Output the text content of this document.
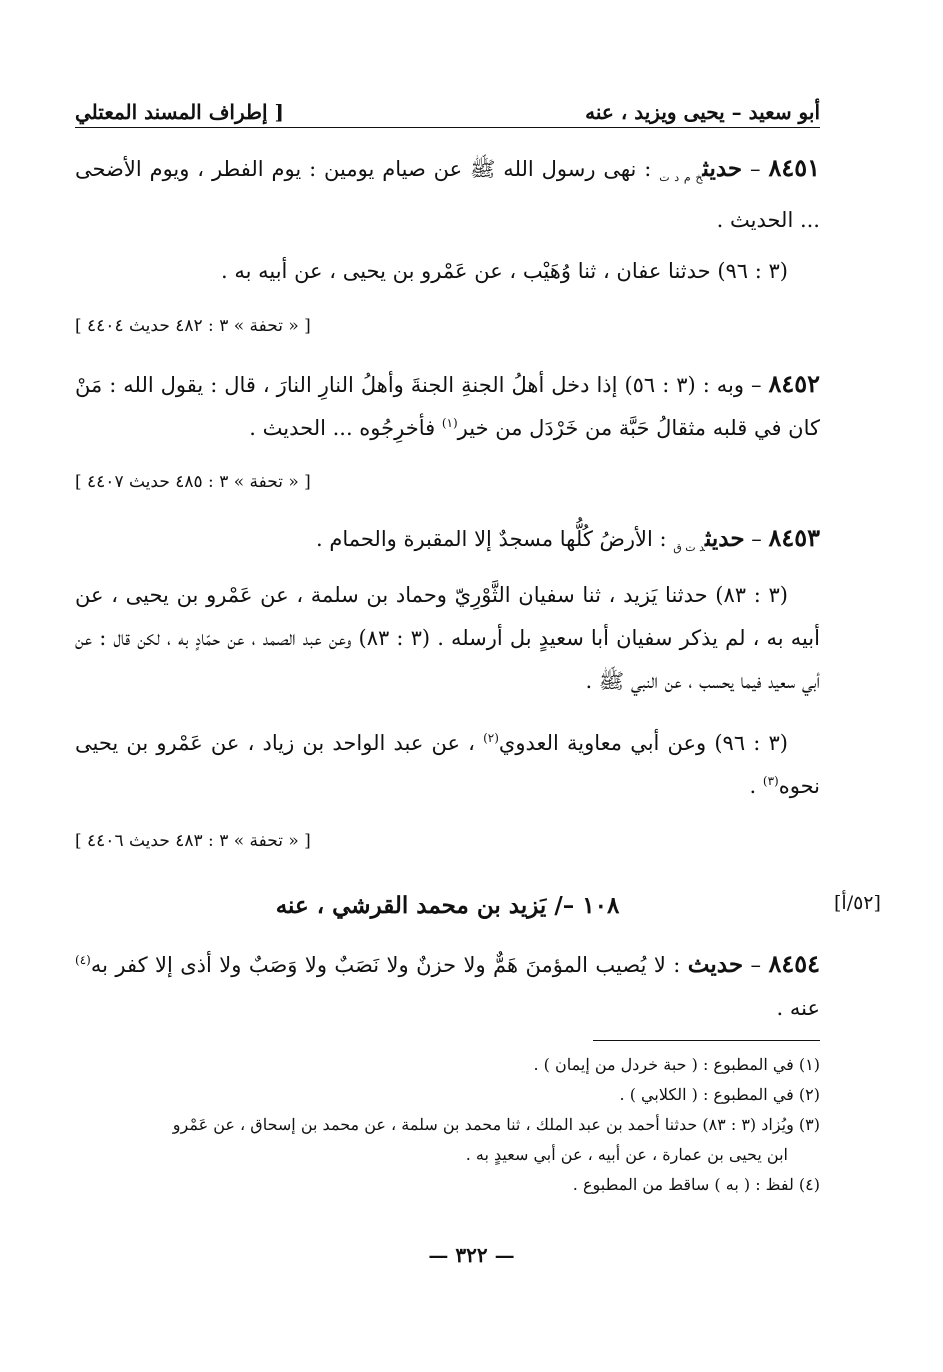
أبو سعيد – يحيى ويزيد ، عنه
[ إطراف المسند المعتلي
٨٤٥١ – حديث$_{خ م د ت}$ : نهى رسول الله ﷺ عن صيام يومين : يوم الفطر ، ويوم الأضحى ... الحديث .
(٣ : ٩٦) حدثنا عفان ، ثنا وُهَيْب ، عن عَمْرو بن يحيى ، عن أبيه به .
[ « تحفة » ٣ : ٤٨٢ حديث ٤٤٠٤ ]
٨٤٥٢ – وبه : (٣ : ٥٦) إذا دخل أهلُ الجنةِ الجنةَ وأهلُ النارِ النارَ ، قال : يقول الله : مَنْ كان في قلبه مثقالُ حَبَّة من خَرْدَل من خير$^{(١)}$ فأخرِجُوه ... الحديث .
[ « تحفة » ٣ : ٤٨٥ حديث ٤٤٠٧ ]
٨٤٥٣ – حديث$_{د ت ق}$ : الأرضُ كُلُّها مسجدٌ إلا المقبرة والحمام .
(٣ : ٨٣) حدثنا يَزيد ، ثنا سفيان الثَّوْرِيّ وحماد بن سلمة ، عن عَمْرو بن يحيى ، عن أبيه به ، لم يذكر سفيان أبا سعيدٍ بل أرسله . (٣ : ٨٣) وعن عبد الصمد ، عن حمّادٍ به ، لكن قال : عن أبي سعيد فيما يحسب ، عن النبي ﷺ .
(٣ : ٩٦) وعن أبي معاوية العدوي$^{(٢)}$ ، عن عبد الواحد بن زياد ، عن عَمْرو بن يحيى نحوه$^{(٣)}$ .
[ « تحفة » ٣ : ٤٨٣ حديث ٤٤٠٦ ]
١٠٨ –/ يَزيد بن محمد القرشي ، عنه	[٥٢/أ]
٨٤٥٤ – حديث : لا يُصيب المؤمنَ هَمٌّ ولا حزنٌ ولا نَصَبٌ ولا وَصَبٌ ولا أذى إلا كفر به$^{(٤)}$ عنه .

(١) في المطبوع : ( حبة خردل من إيمان ) .

(٢) في المطبوع : ( الكلابي ) .

(٣) ويُزاد (٣ : ٨٣) حدثنا أحمد بن عبد الملك ، ثنا محمد بن سلمة ، عن محمد بن إسحاق ، عن عَمْرو

ابن يحيى بن عمارة ، عن أبيه ، عن أبي سعيدٍ به .

(٤) لفظ : ( به ) ساقط من المطبوع .

— ٣٢٢ —
